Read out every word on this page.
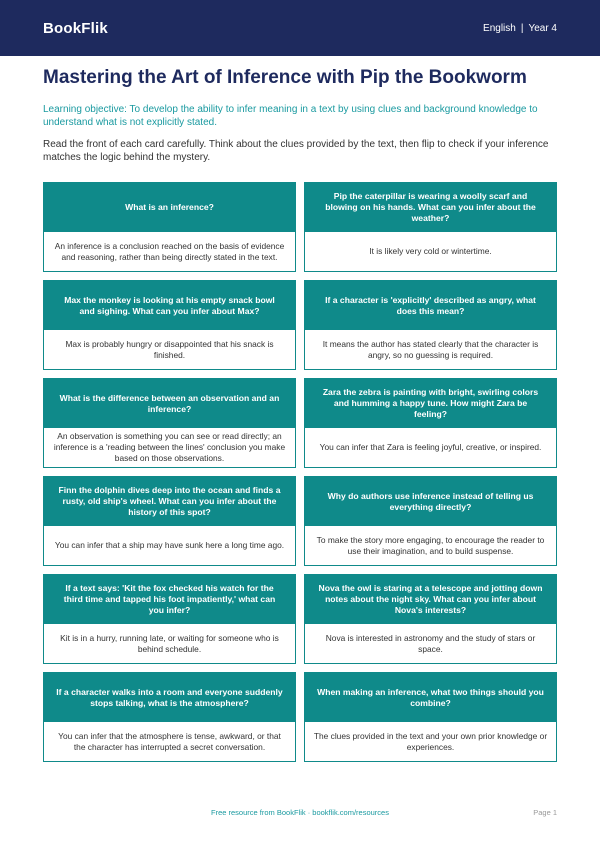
BookFlik	English | Year 4
Mastering the Art of Inference with Pip the Bookworm
Learning objective: To develop the ability to infer meaning in a text by using clues and background knowledge to understand what is not explicitly stated.
Read the front of each card carefully. Think about the clues provided by the text, then flip to check if your inference matches the logic behind the mystery.
What is an inference?
An inference is a conclusion reached on the basis of evidence and reasoning, rather than being directly stated in the text.
Pip the caterpillar is wearing a woolly scarf and blowing on his hands. What can you infer about the weather?
It is likely very cold or wintertime.
Max the monkey is looking at his empty snack bowl and sighing. What can you infer about Max?
Max is probably hungry or disappointed that his snack is finished.
If a character is 'explicitly' described as angry, what does this mean?
It means the author has stated clearly that the character is angry, so no guessing is required.
What is the difference between an observation and an inference?
An observation is something you can see or read directly; an inference is a 'reading between the lines' conclusion you make based on those observations.
Zara the zebra is painting with bright, swirling colors and humming a happy tune. How might Zara be feeling?
You can infer that Zara is feeling joyful, creative, or inspired.
Finn the dolphin dives deep into the ocean and finds a rusty, old ship's wheel. What can you infer about the history of this spot?
You can infer that a ship may have sunk here a long time ago.
Why do authors use inference instead of telling us everything directly?
To make the story more engaging, to encourage the reader to use their imagination, and to build suspense.
If a text says: 'Kit the fox checked his watch for the third time and tapped his foot impatiently,' what can you infer?
Kit is in a hurry, running late, or waiting for someone who is behind schedule.
Nova the owl is staring at a telescope and jotting down notes about the night sky. What can you infer about Nova's interests?
Nova is interested in astronomy and the study of stars or space.
If a character walks into a room and everyone suddenly stops talking, what is the atmosphere?
You can infer that the atmosphere is tense, awkward, or that the character has interrupted a secret conversation.
When making an inference, what two things should you combine?
The clues provided in the text and your own prior knowledge or experiences.
Free resource from BookFlik · bookflik.com/resources	Page 1
